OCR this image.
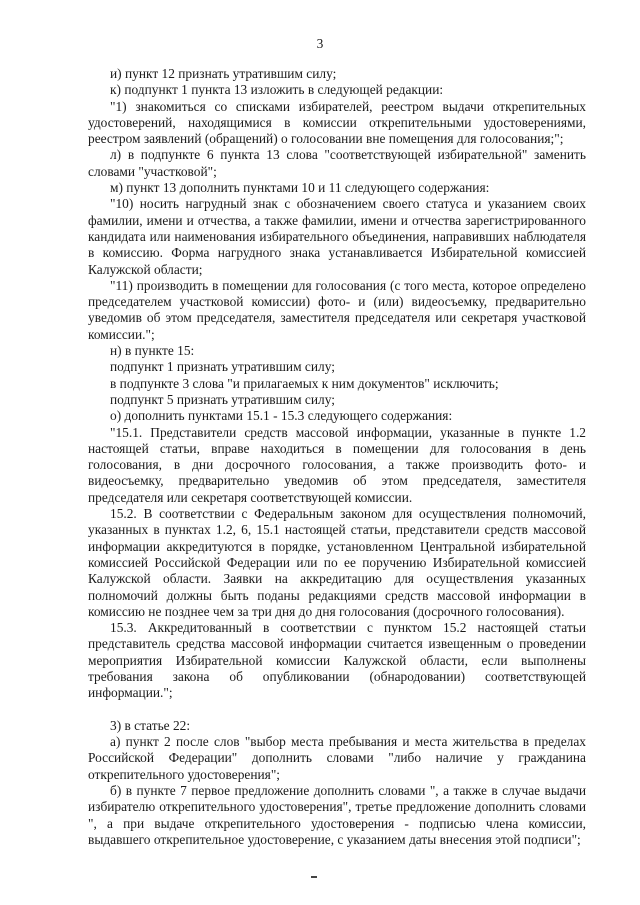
3

и) пункт 12 признать утратившим силу;

к) подпункт 1 пункта 13 изложить в следующей редакции:

"1) знакомиться со списками избирателей, реестром выдачи открепительных удостоверений, находящимися в комиссии открепительными удостоверениями, реестром заявлений (обращений) о голосовании вне помещения для голосования;";

л) в подпункте 6 пункта 13 слова "соответствующей избирательной" заменить словами "участковой";

м) пункт 13 дополнить пунктами 10 и 11 следующего содержания:

"10) носить нагрудный знак с обозначением своего статуса и указанием своих фамилии, имени и отчества, а также фамилии, имени и отчества зарегистрированного кандидата или наименования избирательного объединения, направивших наблюдателя в комиссию. Форма нагрудного знака устанавливается Избирательной комиссией Калужской области;

"11) производить в помещении для голосования (с того места, которое определено председателем участковой комиссии) фото- и (или) видеосъемку, предварительно уведомив об этом председателя, заместителя председателя или секретаря участковой комиссии.";

н) в пункте 15:

подпункт 1 признать утратившим силу;

в подпункте 3 слова "и прилагаемых к ним документов" исключить;

подпункт 5 признать утратившим силу;

о) дополнить пунктами 15.1 - 15.3 следующего содержания:

"15.1. Представители средств массовой информации, указанные в пункте 1.2 настоящей статьи, вправе находиться в помещении для голосования в день голосования, в дни досрочного голосования, а также производить фото- и видеосъемку, предварительно уведомив об этом председателя, заместителя председателя или секретаря соответствующей комиссии.

15.2. В соответствии с Федеральным законом для осуществления полномочий, указанных в пунктах 1.2, 6, 15.1 настоящей статьи, представители средств массовой информации аккредитуются в порядке, установленном Центральной избирательной комиссией Российской Федерации или по ее поручению Избирательной комиссией Калужской области. Заявки на аккредитацию для осуществления указанных полномочий должны быть поданы редакциями средств массовой информации в комиссию не позднее чем за три дня до дня голосования (досрочного голосования).

15.3. Аккредитованный в соответствии с пунктом 15.2 настоящей статьи представитель средства массовой информации считается извещенным о проведении мероприятия Избирательной комиссии Калужской области, если выполнены требования закона об опубликовании (обнародовании) соответствующей информации.";

3) в статье 22:

а) пункт 2 после слов "выбор места пребывания и места жительства в пределах Российской Федерации" дополнить словами "либо наличие у гражданина открепительного удостоверения";

б) в пункте 7 первое предложение дополнить словами ", а также в случае выдачи избирателю открепительного удостоверения", третье предложение дополнить словами ", а при выдаче открепительного удостоверения - подписью члена комиссии, выдавшего открепительное удостоверение, с указанием даты внесения этой подписи";
